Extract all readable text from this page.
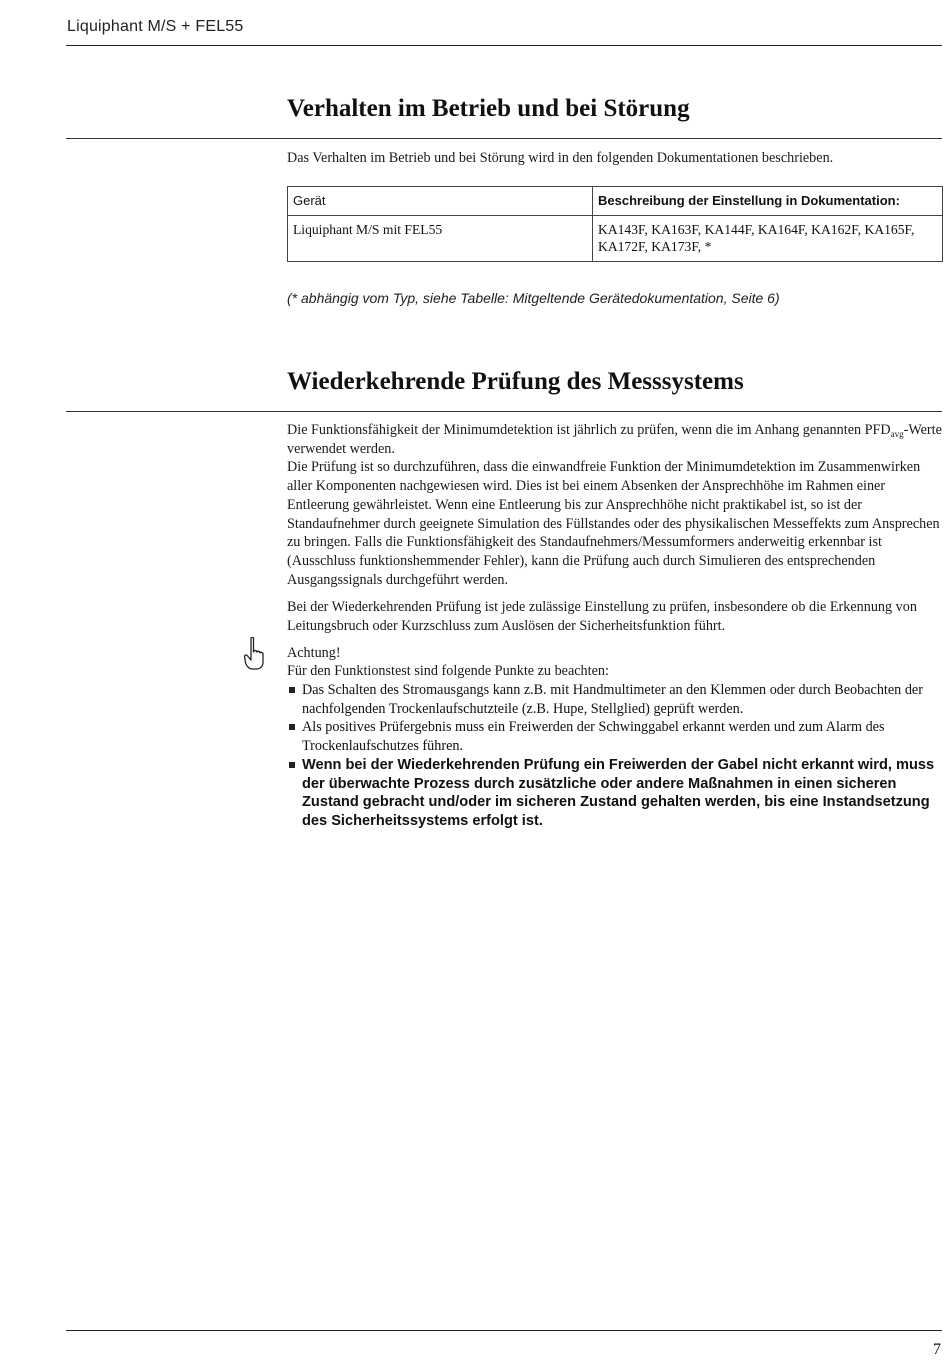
Liquiphant M/S + FEL55
Verhalten im Betrieb und bei Störung

Das Verhalten im Betrieb und bei Störung wird in den folgenden Dokumentationen beschrieben.

Gerät	Beschreibung der Einstellung in Dokumentation:
Liquiphant M/S mit FEL55	KA143F, KA163F, KA144F, KA164F, KA162F, KA165F, KA172F, KA173F, *

(* abhängig vom Typ, siehe Tabelle: Mitgeltende Gerätedokumentation, Seite 6)

Wiederkehrende Prüfung des Messsystems

Die Funktionsfähigkeit der Minimumdetektion ist jährlich zu prüfen, wenn die im Anhang genannten $PFD_{avg}$-Werte verwendet werden.
Die Prüfung ist so durchzuführen, dass die einwandfreie Funktion der Minimumdetektion im Zusammenwirken aller Komponenten nachgewiesen wird. Dies ist bei einem Absenken der Ansprechhöhe im Rahmen einer Entleerung gewährleistet. Wenn eine Entleerung bis zur Ansprechhöhe nicht praktikabel ist, so ist der Standaufnehmer durch geeignete Simulation des Füllstandes oder des physikalischen Messeffekts zum Ansprechen zu bringen. Falls die Funktionsfähigkeit des Standaufnehmers/Messumformers anderweitig erkennbar ist (Ausschluss funktionshemmender Fehler), kann die Prüfung auch durch Simulieren des entsprechenden Ausgangssignals durchgeführt werden.

Bei der Wiederkehrenden Prüfung ist jede zulässige Einstellung zu prüfen, insbesondere ob die Erkennung von Leitungsbruch oder Kurzschluss zum Auslösen der Sicherheitsfunktion führt.

Achtung!

Für den Funktionstest sind folgende Punkte zu beachten:

Das Schalten des Stromausgangs kann z.B. mit Handmultimeter an den Klemmen oder durch Beobachten der nachfolgenden Trockenlaufschutzteile (z.B. Hupe, Stellglied) geprüft werden.
Als positives Prüfergebnis muss ein Freiwerden der Schwinggabel erkannt werden und zum Alarm des Trockenlaufschutzes führen.
Wenn bei der Wiederkehrenden Prüfung ein Freiwerden der Gabel nicht erkannt wird, muss der überwachte Prozess durch zusätzliche oder andere Maßnahmen in einen sicheren Zustand gebracht und/oder im sicheren Zustand gehalten werden, bis eine Instandsetzung des Sicherheitssystems erfolgt ist.
7
